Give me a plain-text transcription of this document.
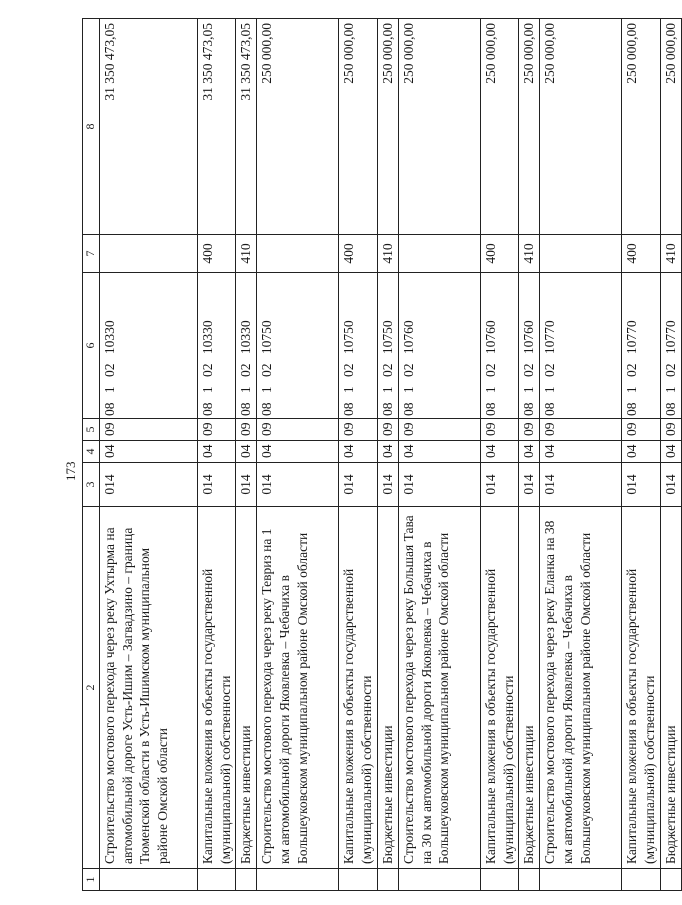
173
1	2	3	4	5	6	7	8
	Строительство мостового перехода через реку Ухтырма на автомобильной дороге Усть-Ишим – Загвадзино – граница Тюменской области в Усть-Ишимском муниципальном районе Омской области	014	04	09	08 1 02 10330		31 350 473,05
	Капитальные вложения в объекты государственной (муниципальной) собственности	014	04	09	08 1 02 10330	400	31 350 473,05
	Бюджетные инвестиции	014	04	09	08 1 02 10330	410	31 350 473,05
	Строительство мостового перехода через реку Тевриз на 1 км автомобильной дороги Яковлевка – Чебачиха в Большеуковском муниципальном районе Омской области	014	04	09	08 1 02 10750		250 000,00
	Капитальные вложения в объекты государственной (муниципальной) собственности	014	04	09	08 1 02 10750	400	250 000,00
	Бюджетные инвестиции	014	04	09	08 1 02 10750	410	250 000,00
	Строительство мостового перехода через реку Большая Тава на 30 км автомобильной дороги Яковлевка – Чебачиха в Большеуковском муниципальном районе Омской области	014	04	09	08 1 02 10760		250 000,00
	Капитальные вложения в объекты государственной (муниципальной) собственности	014	04	09	08 1 02 10760	400	250 000,00
	Бюджетные инвестиции	014	04	09	08 1 02 10760	410	250 000,00
	Строительство мостового перехода через реку Еланка на 38 км автомобильной дороги Яковлевка – Чебачиха в Большеуковском муниципальном районе Омской области	014	04	09	08 1 02 10770		250 000,00
	Капитальные вложения в объекты государственной (муниципальной) собственности	014	04	09	08 1 02 10770	400	250 000,00
	Бюджетные инвестиции	014	04	09	08 1 02 10770	410	250 000,00
